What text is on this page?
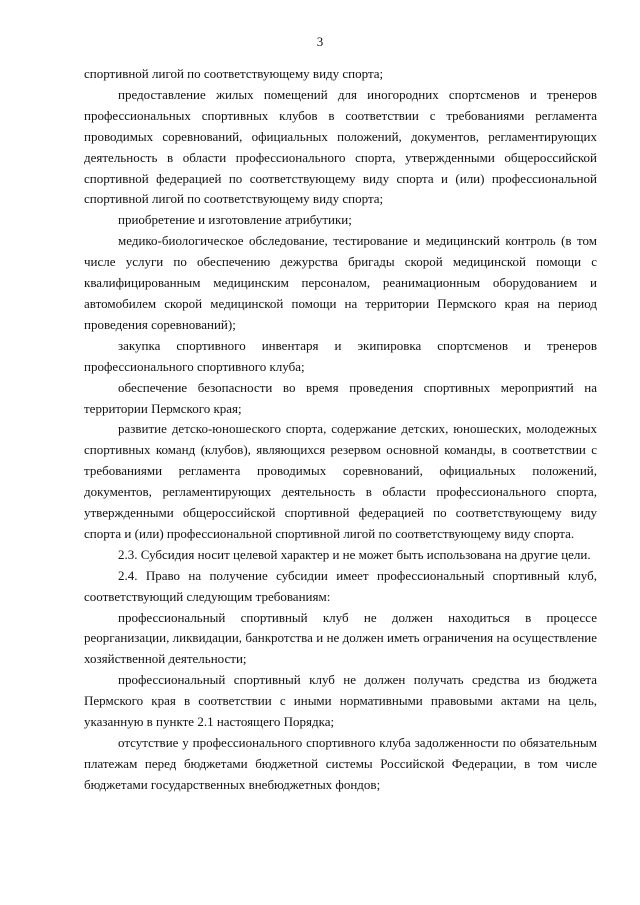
3

спортивной лигой по соответствующему виду спорта;

предоставление жилых помещений для иногородних спортсменов и тренеров профессиональных спортивных клубов в соответствии с требованиями регламента проводимых соревнований, официальных положений, документов, регламентирующих деятельность в области профессионального спорта, утвержденными общероссийской спортивной федерацией по соответствующему виду спорта и (или) профессиональной спортивной лигой по соответствующему виду спорта;

приобретение и изготовление атрибутики;

медико-биологическое обследование, тестирование и медицинский контроль (в том числе услуги по обеспечению дежурства бригады скорой медицинской помощи с квалифицированным медицинским персоналом, реанимационным оборудованием и автомобилем скорой медицинской помощи на территории Пермского края на период проведения соревнований);

закупка спортивного инвентаря и экипировка спортсменов и тренеров профессионального спортивного клуба;

обеспечение безопасности во время проведения спортивных мероприятий на территории Пермского края;

развитие детско-юношеского спорта, содержание детских, юношеских, молодежных спортивных команд (клубов), являющихся резервом основной команды, в соответствии с требованиями регламента проводимых соревнований, официальных положений, документов, регламентирующих деятельность в области профессионального спорта, утвержденными общероссийской спортивной федерацией по соответствующему виду спорта и (или) профессиональной спортивной лигой по соответствующему виду спорта.

2.3. Субсидия носит целевой характер и не может быть использована на другие цели.

2.4. Право на получение субсидии имеет профессиональный спортивный клуб, соответствующий следующим требованиям:

профессиональный спортивный клуб не должен находиться в процессе реорганизации, ликвидации, банкротства и не должен иметь ограничения на осуществление хозяйственной деятельности;

профессиональный спортивный клуб не должен получать средства из бюджета Пермского края в соответствии с иными нормативными правовыми актами на цель, указанную в пункте 2.1 настоящего Порядка;

отсутствие у профессионального спортивного клуба задолженности по обязательным платежам перед бюджетами бюджетной системы Российской Федерации, в том числе бюджетами государственных внебюджетных фондов;
